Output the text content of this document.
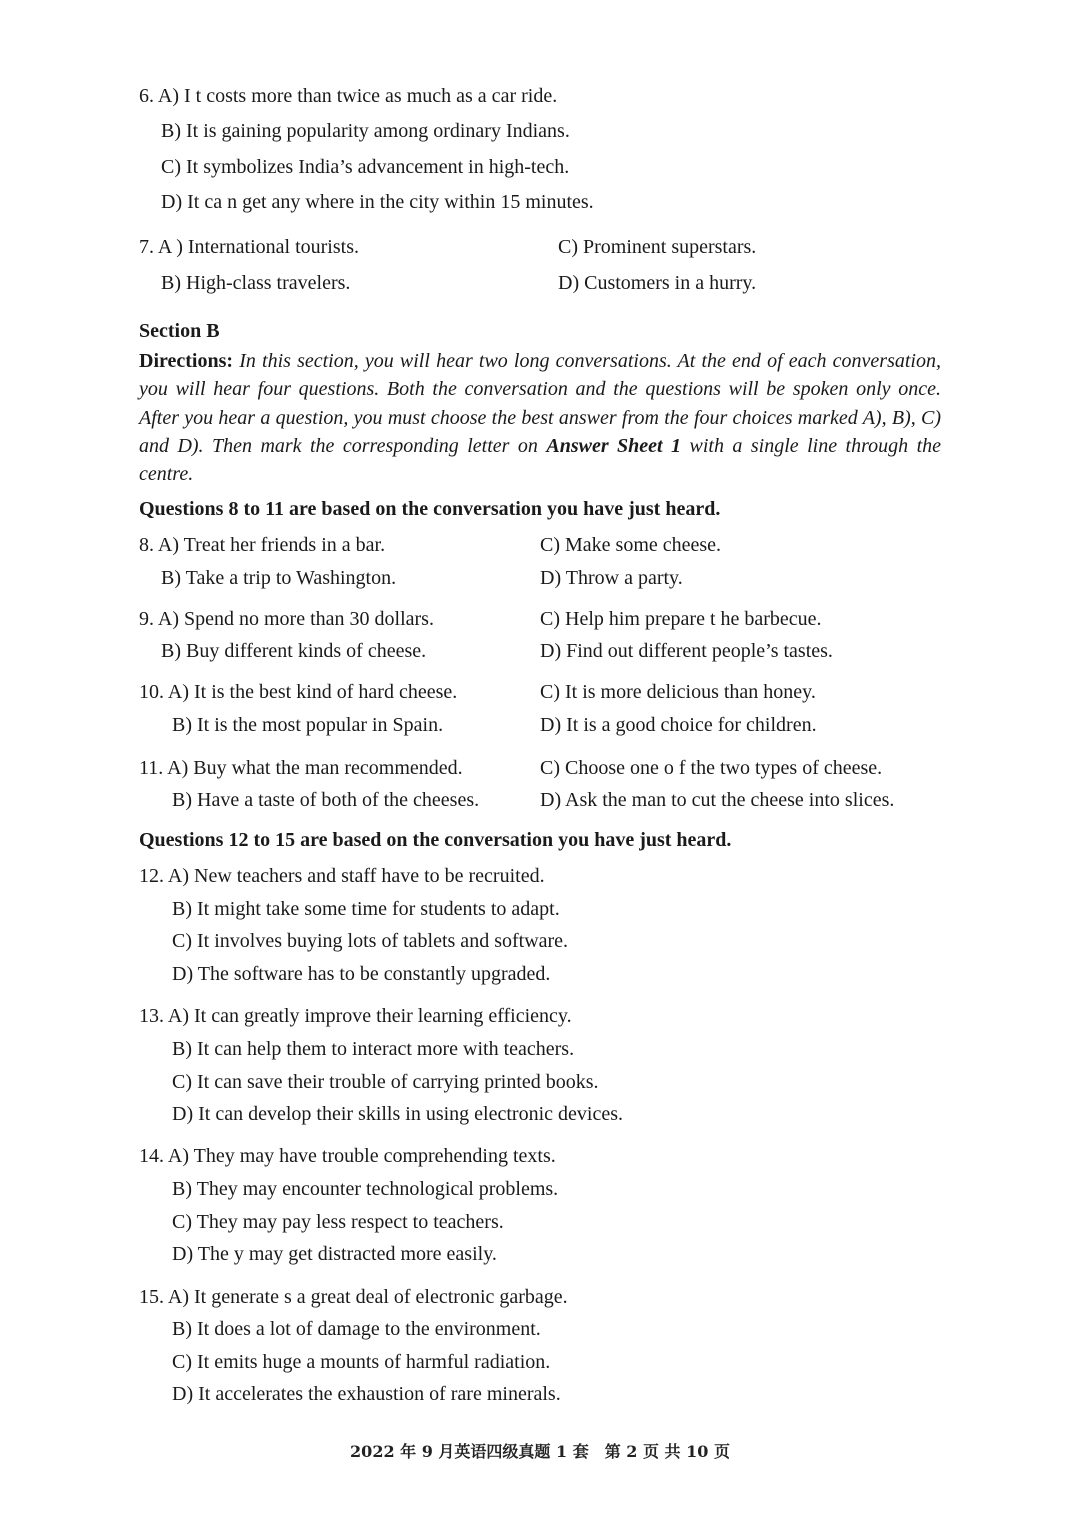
6. A) I t costs more than twice as much as a car ride.
B) It is gaining popularity among ordinary Indians.
C) It symbolizes India’s advancement in high-tech.
D) It ca n get any where in the city within 15 minutes.
7. A ) International tourists.
B) High-class travelers.
C) Prominent superstars.
D) Customers in a hurry.
Section B
Directions: In this section, you will hear two long conversations. At the end of each conversation, you will hear four questions. Both the conversation and the questions will be spoken only once. After you hear a question, you must choose the best answer from the four choices marked A), B), C) and D). Then mark the corresponding letter on Answer Sheet 1 with a single line through the centre.
Questions 8 to 11 are based on the conversation you have just heard.
8. A) Treat her friends in a bar.
B) Take a trip to Washington.
C) Make some cheese.
D) Throw a party.
9. A) Spend no more than 30 dollars.
B) Buy different kinds of cheese.
C) Help him prepare t he barbecue.
D) Find out different people’s tastes.
10. A) It is the best kind of hard cheese.
B) It is the most popular in Spain.
C) It is more delicious than honey.
D) It is a good choice for children.
11. A) Buy what the man recommended.
B) Have a taste of both of the cheeses.
C) Choose one o f the two types of cheese.
D) Ask the man to cut the cheese into slices.
Questions 12 to 15 are based on the conversation you have just heard.
12. A) New teachers and staff have to be recruited.
B) It might take some time for students to adapt.
C) It involves buying lots of tablets and software.
D) The software has to be constantly upgraded.
13. A) It can greatly improve their learning efficiency.
B) It can help them to interact more with teachers.
C) It can save their trouble of carrying printed books.
D) It can develop their skills in using electronic devices.
14. A) They may have trouble comprehending texts.
B) They may encounter technological problems.
C) They may pay less respect to teachers.
D) The y may get distracted more easily.
15. A) It generate s a great deal of electronic garbage.
B) It does a lot of damage to the environment.
C) It emits huge a mounts of harmful radiation.
D) It accelerates the exhaustion of rare minerals.
2022 年 9 月英语四级真题 1 套　第 2 页 共 10 页
